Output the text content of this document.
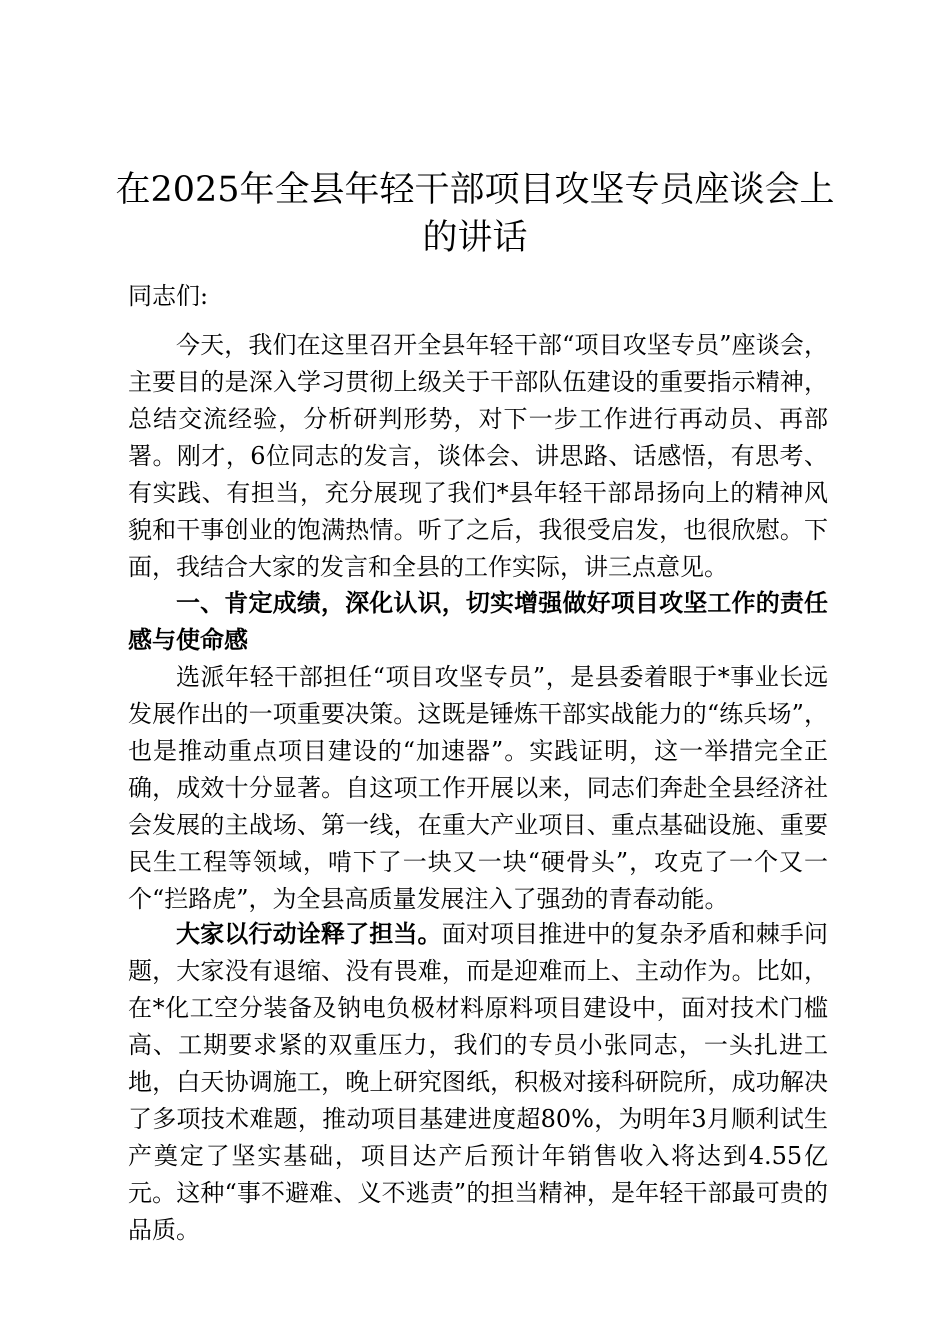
在2025年全县年轻干部项目攻坚专员座谈会上的讲话
同志们:
今天，我们在这里召开全县年轻干部“项目攻坚专员”座谈会，主要目的是深入学习贯彻上级关于干部队伍建设的重要指示精神，总结交流经验，分析研判形势，对下一步工作进行再动员、再部署。刚才，6位同志的发言，谈体会、讲思路、话感悟，有思考、有实践、有担当，充分展现了我们*县年轻干部昂扬向上的精神风貌和干事创业的饱满热情。听了之后，我很受启发，也很欣慰。下面，我结合大家的发言和全县的工作实际，讲三点意见。
一、肯定成绩，深化认识，切实增强做好项目攻坚工作的责任感与使命感
选派年轻干部担任“项目攻坚专员”，是县委着眼于*事业长远发展作出的一项重要决策。这既是锤炼干部实战能力的“练兵场”，也是推动重点项目建设的“加速器”。实践证明，这一举措完全正确，成效十分显著。自这项工作开展以来，同志们奔赴全县经济社会发展的主战场、第一线，在重大产业项目、重点基础设施、重要民生工程等领域，啃下了一块又一块“硬骨头”，攻克了一个又一个“拦路虎”，为全县高质量发展注入了强劲的青春动能。
大家以行动诠释了担当。面对项目推进中的复杂矛盾和棘手问题，大家没有退缩、没有畏难，而是迎难而上、主动作为。比如，在*化工空分装备及钠电负极材料原料项目建设中，面对技术门槛高、工期要求紧的双重压力，我们的专员小张同志，一头扎进工地，白天协调施工，晚上研究图纸，积极对接科研院所，成功解决了多项技术难题，推动项目基建进度超80%，为明年3月顺利试生产奠定了坚实基础，项目达产后预计年销售收入将达到4.55亿元。这种“事不避难、义不逃责”的担当精神，是年轻干部最可贵的品质。
